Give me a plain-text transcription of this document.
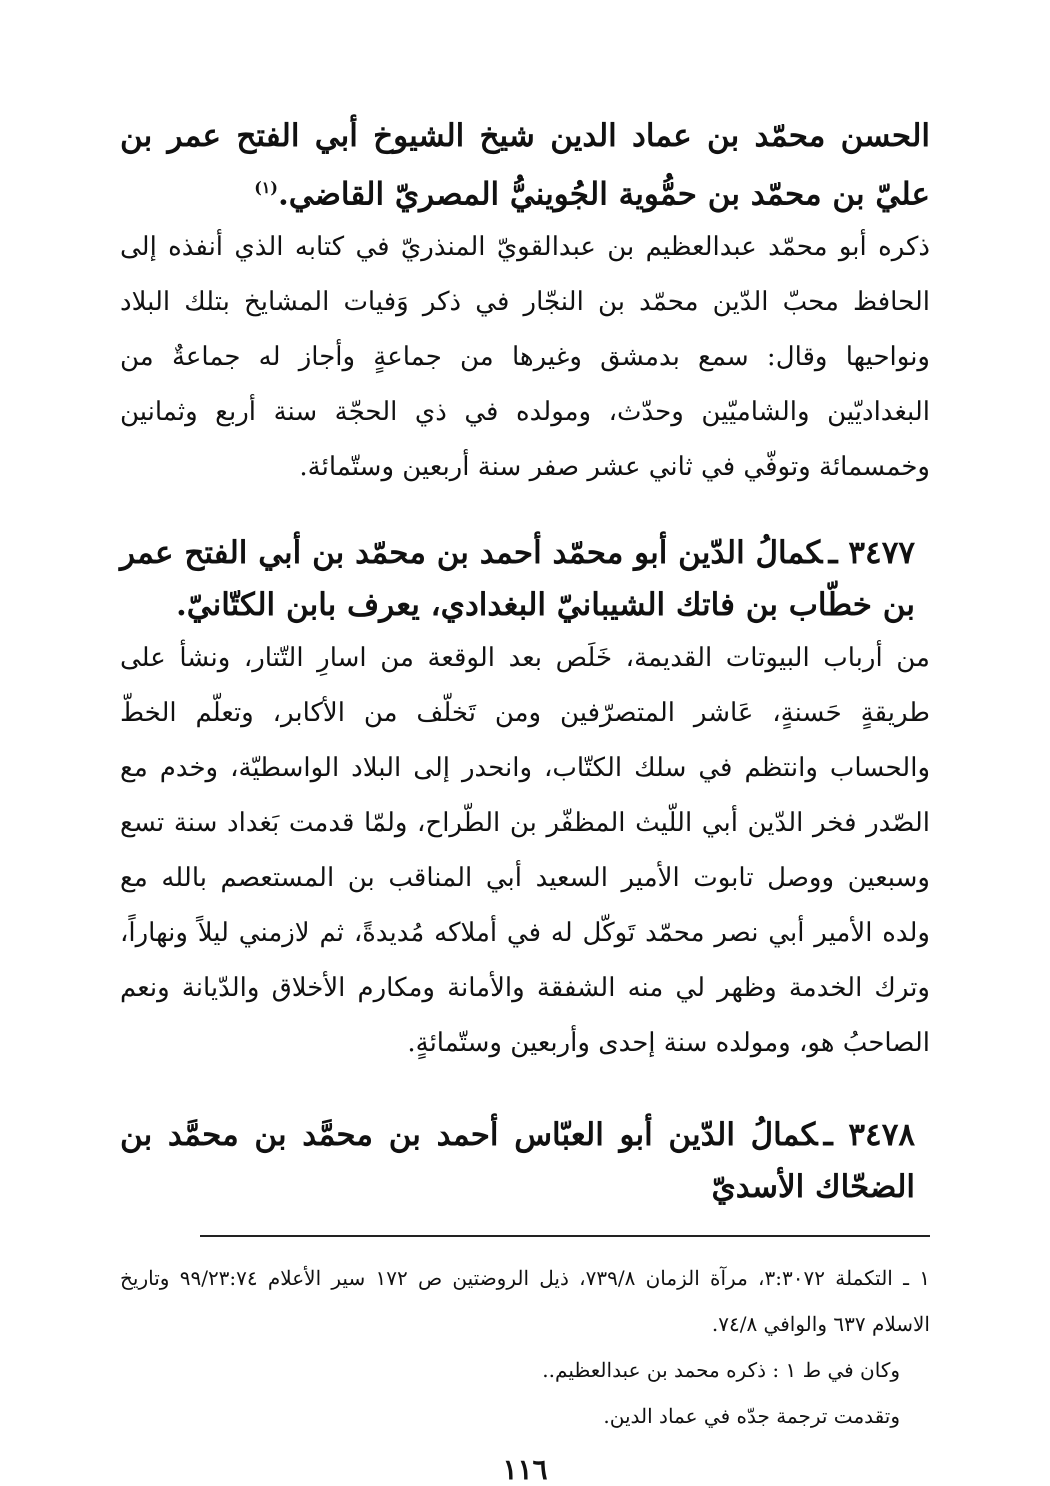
الحسن محمّد بن عماد الدين شيخ الشيوخ أبي الفتح عمر بن عليّ بن محمّد بن حمُّوية الجُوينيُّ المصريّ القاضي.$^{(١)}$

ذكره أبو محمّد عبدالعظيم بن عبدالقويّ المنذريّ في كتابه الذي أنفذه إلى الحافظ محبّ الدّين محمّد بن النجّار في ذكر وَفيات المشايخ بتلك البلاد ونواحيها وقال: سمع بدمشق وغيرها من جماعةٍ وأجاز له جماعةٌ من البغداديّين والشاميّين وحدّث، ومولده في ذي الحجّة سنة أربع وثمانين وخمسمائة وتوفّي في ثاني عشر صفر سنة أربعين وستّمائة.

٣٤٧٧ ـكمالُ الدّين أبو محمّد أحمد بن محمّد بن أبي الفتح عمر بن خطّاب بن فاتك الشيبانيّ البغدادي، يعرف بابن الكتّانيّ.

من أرباب البيوتات القديمة، خَلَص بعد الوقعة من اسارِ التّتار، ونشأ على طريقةٍ حَسنةٍ، عَاشر المتصرّفين ومن تَخلّف من الأكابر، وتعلّم الخطّ والحساب وانتظم في سلك الكتّاب، وانحدر إلى البلاد الواسطيّة، وخدم مع الصّدر فخر الدّين أبي اللّيث المظفّر بن الطّراح، ولمّا قدمت بَغداد سنة تسع وسبعين ووصل تابوت الأمير السعيد أبي المناقب بن المستعصم بالله مع ولده الأمير أبي نصر محمّد تَوكّل له في أملاكه مُديدةً، ثم لازمني ليلاً ونهاراً، وترك الخدمة وظهر لي منه الشفقة والأمانة ومكارم الأخلاق والدّيانة ونعم الصاحبُ هو، ومولده سنة إحدى وأربعين وستّمائةٍ.

٣٤٧٨ ـكمالُ الدّين أبو العبّاس أحمد بن محمَّد بن محمَّد بن الضحّاك الأسديّ

١ ـ التكملة ٣:٣٠٧٢، مرآة الزمان ٧٣٩/٨، ذيل الروضتين ص ١٧٢ سير الأعلام ٩٩/٢٣:٧٤ وتاريخ الاسلام ٦٣٧ والوافي ٧٤/٨.

وكان في ط ١ : ذكره محمد بن عبدالعظيم..

وتقدمت ترجمة جدّه في عماد الدين.

١١٦
